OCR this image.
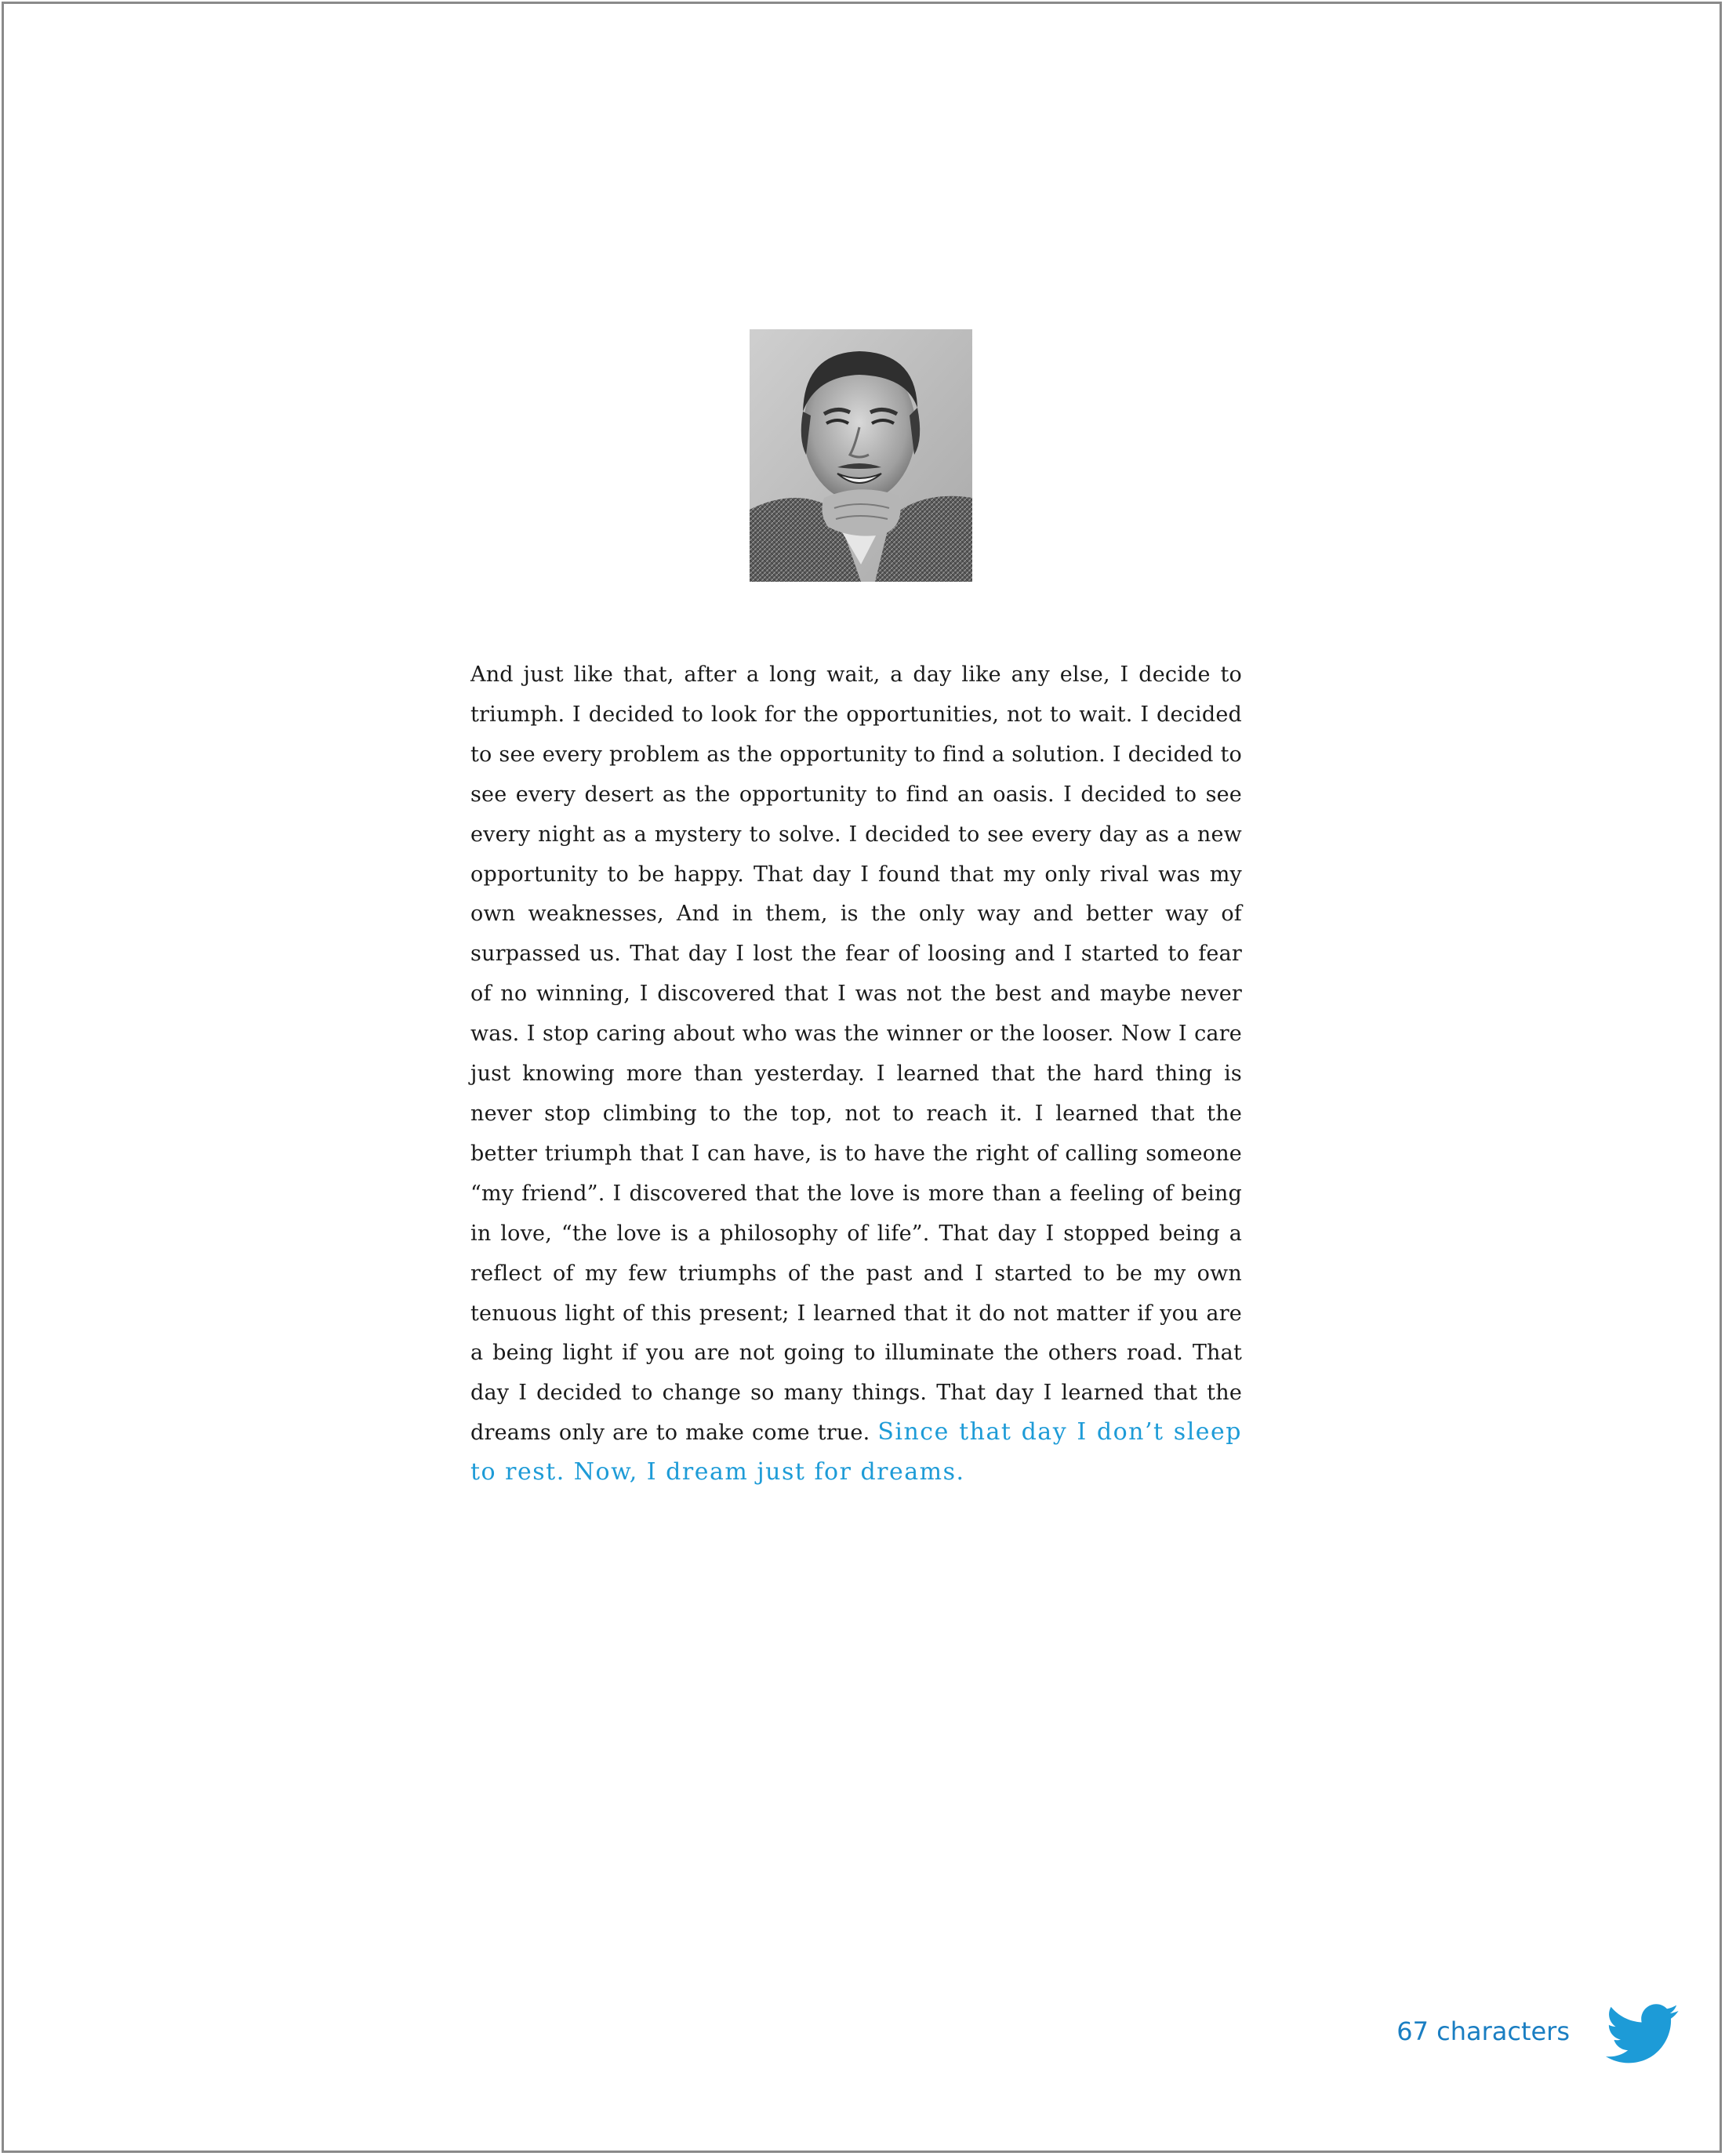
And just like that, after a long wait, a day like any else, I decide to triumph. I decided to look for the opportunities, not to wait. I decided to see every problem as the opportunity to find a solution. I decided to see every desert as the opportunity to find an oasis. I decided to see every night as a mystery to solve. I decided to see every day as a new opportunity to be happy. That day I found that my only rival was my own weaknesses, And in them, is the only way and better way of surpassed us. That day I lost the fear of loosing and I started to fear of no winning, I discovered that I was not the best and maybe never was. I stop caring about who was the winner or the looser. Now I care just knowing more than yesterday. I learned that the hard thing is never stop climbing to the top, not to reach it. I learned that the better triumph that I can have, is to have the right of calling someone “my friend”. I discovered that the love is more than a feeling of being in love, “the love is a philosophy of life”. That day I stopped being a reflect of my few triumphs of the past and I started to be my own tenuous light of this present; I learned that it do not matter if you are a being light if you are not going to illuminate the others road. That day I decided to change so many things. That day I learned that the dreams only are to make come true. Since that day I don’t sleep to rest. Now, I dream just for dreams.

67 characters
